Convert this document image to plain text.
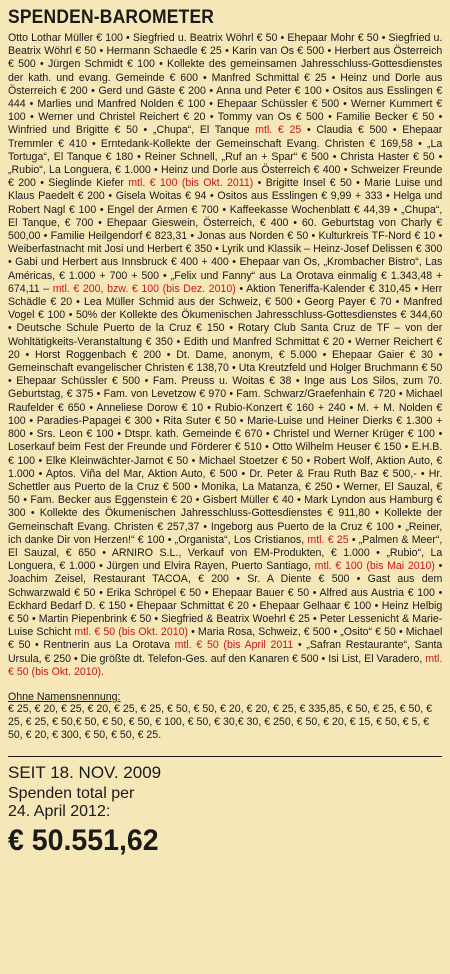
SPENDEN-BAROMETER
Otto Lothar Müller € 100 • Siegfried u. Beatrix Wöhrl € 50 • Ehepaar Mohr € 50 • Siegfried u. Beatrix Wöhrl € 50 • Hermann Schaedle € 25 • Karin van Os € 500 • Herbert aus Österreich € 500 • Jürgen Schmidt € 100 • Kollekte des gemeinsamen Jahresschluss-Gottesdienstes der kath. und evang. Gemeinde € 600 • Manfred Schmittal € 25 • Heinz und Dorle aus Österreich € 200 • Gerd und Gäste € 200 • Anna und Peter € 100 • Ositos aus Esslingen € 444 • Marlies und Manfred Nolden € 100 • Ehepaar Schüssler € 500 • Werner Kummert € 100 • Werner und Christel Reichert € 20 • Tommy van Os € 500 • Familie Becker € 50 • Winfried und Brigitte € 50 • „Chupa“, El Tanque mtl. € 25 • Claudia € 500 • Ehepaar Tremmler € 410 • Erntedank-Kollekte der Gemeinschaft Evang. Christen € 169,58 • „La Tortuga“, El Tanque € 180 • Reiner Schnell, „Ruf an + Spar“ € 500 • Christa Haster € 50 • „Rubio“, La Longuera, € 1.000 • Heinz und Dorle aus Österreich € 400 • Schweizer Freunde € 200 • Sieglinde Kiefer mtl. € 100 (bis Okt. 2011) • Brigitte Insel € 50 • Marie Luise und Klaus Paedelt € 200 • Gisela Woitas € 94 • Ositos aus Esslingen € 9,99 + 333 • Helga und Robert Nagl € 100 • Engel der Armen € 700 • Kaffeekasse Wochenblatt € 44,39 • „Chupa“, El Tanque, € 700 • Ehepaar Gieswein, Österreich, € 400 • 60. Geburtstag von Charly € 500,00 • Familie Heilgendorf € 823,31 • Jonas aus Norden € 50 • Kulturkreis TF-Nord € 10 • Weiberfastnacht mit Josi und Herbert € 350 • Lyrik und Klassik – Heinz-Josef Delissen € 300 • Gabi und Herbert aus Innsbruck € 400 + 400 • Ehepaar van Os, „Krombacher Bistro“, Las Américas, € 1.000 + 700 + 500 • „Felix und Fanny“ aus La Orotava einmalig € 1.343,48 + 674,11 – mtl. € 200, bzw. € 100 (bis Dez. 2010) • Aktion Teneriffa-Kalender € 310,45 • Herr Schädle € 20 • Lea Müller Schmid aus der Schweiz, € 500 • Georg Payer € 70 • Manfred Vogel € 100 • 50% der Kollekte des Ökumenischen Jahresschluss-Gottesdienstes € 344,60 • Deutsche Schule Puerto de la Cruz € 150 • Rotary Club Santa Cruz de TF – von der Wohltätigkeits-Veranstaltung € 350 • Edith und Manfred Schmittat € 20 • Werner Reichert € 20 • Horst Roggenbach € 200 • Dt. Dame, anonym, € 5.000 • Ehepaar Gaier € 30 • Gemeinschaft evangelischer Christen € 138,70 • Uta Kreutzfeld und Holger Bruchmann € 50 • Ehepaar Schüssler € 500 • Fam. Preuss u. Woitas € 38 • Inge aus Los Silos, zum 70. Geburtstag, € 375 • Fam. von Levetzow € 970 • Fam. Schwarz/Graefenhain € 720 • Michael Raufelder € 650 • Anneliese Dorow € 10 • Rubio-Konzert € 160 + 240 • M. + M. Nolden € 100 • Paradies-Papagei € 300 • Rita Suter € 50 • Marie-Luise und Heiner Dierks € 1.300 + 800 • Srs. Leon € 100 • Dtspr. kath. Gemeinde € 670 • Christel und Werner Krüger € 100 • Loserkauf beim Fest der Freunde und Förderer € 510 • Otto Wilhelm Heuser € 150 • E.H.B. € 100 • Elke Kleinwächter-Jarnot € 50 • Michael Stoetzer € 50 • Robert Wolf, Aktion Auto, € 1.000 • Aptos. Viña del Mar, Aktion Auto, € 500 • Dr. Peter & Frau Ruth Baz € 500,- • Hr. Schettler aus Puerto de la Cruz € 500 • Monika, La Matanza, € 250 • Werner, El Sauzal, € 50 • Fam. Becker aus Eggenstein € 20 • Gisbert Müller € 40 • Mark Lyndon aus Hamburg € 300 • Kollekte des Ökumenischen Jahresschluss-Gottesdienstes € 911,80 • Kollekte der Gemeinschaft Evang. Christen € 257,37 • Ingeborg aus Puerto de la Cruz € 100 • „Reiner, ich danke Dir von Herzen!“ € 100 • „Organista“, Los Cristianos, mtl. € 25 • „Palmen & Meer“, El Sauzal, € 650 • ARNIRO S.L., Verkauf von EM-Produkten, € 1.000 • „Rubio“, La Longuera, € 1.000 • Jürgen und Elvira Rayen, Puerto Santiago, mtl. € 100 (bis Mai 2010) • Joachim Zeisel, Restaurant TACOA, € 200 • Sr. A Diente € 500 • Gast aus dem Schwarzwald € 50 • Erika Schröpel € 50 • Ehepaar Bauer € 50 • Alfred aus Austria € 100 • Eckhard Bedarf D. € 150 • Ehepaar Schmittat € 20 • Ehepaar Gelhaar € 100 • Heinz Helbig € 50 • Martin Piepenbrink € 50 • Siegfried & Beatrix Woehrl € 25 • Peter Lessenicht & Marie-Luise Schicht mtl. € 50 (bis Okt. 2010) • Maria Rosa, Schweiz, € 500 • „Osito“ € 50 • Michael € 50 • Rentnerin aus La Orotava mtl. € 50 (bis April 2011 • „Safran Restaurante“, Santa Ursula, € 250 • Die größte dt. Telefon-Ges. auf den Kanaren € 500 • Isi List, El Varadero, mtl. € 50 (bis Okt. 2010).
Ohne Namensnennung:
€ 25, € 20, € 25, € 20, € 25, € 25, € 50, € 50, € 20, € 20, € 25, € 335,85, € 50, € 25, € 50, € 25, € 25, € 50,€ 50, € 50, € 50, € 100, € 50, € 30,€ 30, € 250, € 50, € 20, € 15, € 50, € 5, € 50, € 20, € 300, € 50, € 50, € 25.
SEIT 18. NOV. 2009
Spenden total per
24. April 2012:
€ 50.551,62
